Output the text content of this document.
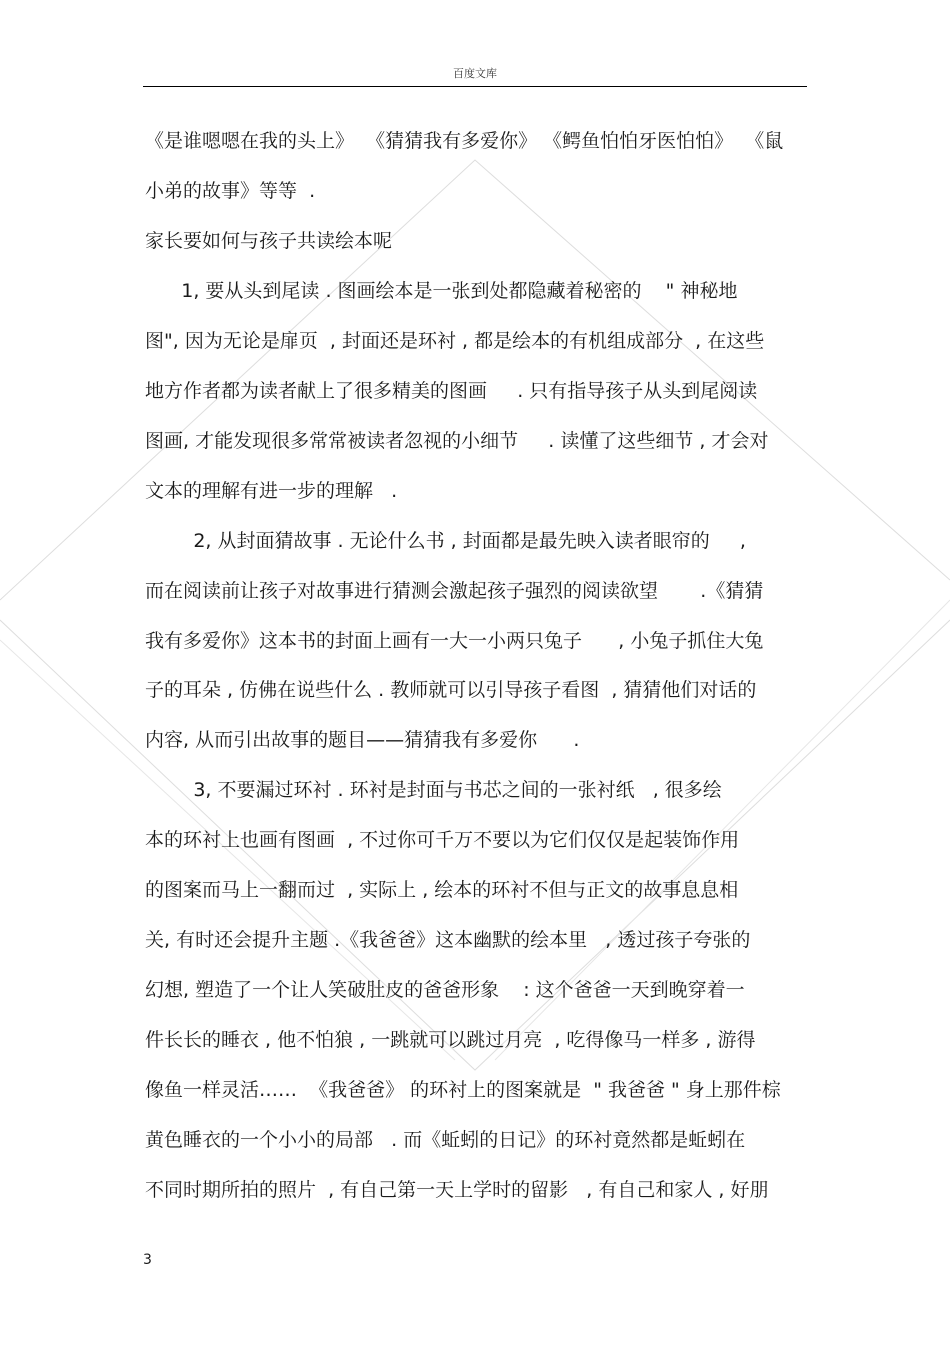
百度文库
《是谁嗯嗯在我的头上》  《猜猜我有多爱你》 《鳄鱼怕怕牙医怕怕》  《鼠
小弟的故事》等等  .
家长要如何与孩子共读绘本呢
1, 要从头到尾读 . 图画绘本是一张到处都隐藏着秘密的    " 神秘地
图", 因为无论是扉页  , 封面还是环衬 , 都是绘本的有机组成部分  , 在这些
地方作者都为读者献上了很多精美的图画     . 只有指导孩子从头到尾阅读
图画, 才能发现很多常常被读者忽视的小细节     . 读懂了这些细节 , 才会对
文本的理解有进一步的理解   .
2, 从封面猜故事 . 无论什么书 , 封面都是最先映入读者眼帘的     ,
而在阅读前让孩子对故事进行猜测会激起孩子强烈的阅读欲望       .《猜猜
我有多爱你》这本书的封面上画有一大一小两只兔子      , 小兔子抓住大兔
子的耳朵 , 仿佛在说些什么 . 教师就可以引导孩子看图  , 猜猜他们对话的
内容, 从而引出故事的题目——猜猜我有多爱你      .
3, 不要漏过环衬 . 环衬是封面与书芯之间的一张衬纸   , 很多绘
本的环衬上也画有图画  , 不过你可千万不要以为它们仅仅是起装饰作用
的图案而马上一翻而过  , 实际上 , 绘本的环衬不但与正文的故事息息相
关, 有时还会提升主题 .《我爸爸》这本幽默的绘本里   , 透过孩子夸张的
幻想, 塑造了一个让人笑破肚皮的爸爸形象    : 这个爸爸一天到晚穿着一
件长长的睡衣 , 他不怕狼 , 一跳就可以跳过月亮  , 吃得像马一样多 , 游得
像鱼一样灵活……  《我爸爸》 的环衬上的图案就是  " 我爸爸 " 身上那件棕
黄色睡衣的一个小小的局部   . 而《蚯蚓的日记》的环衬竟然都是蚯蚓在
不同时期所拍的照片  , 有自己第一天上学时的留影   , 有自己和家人 , 好朋
3
